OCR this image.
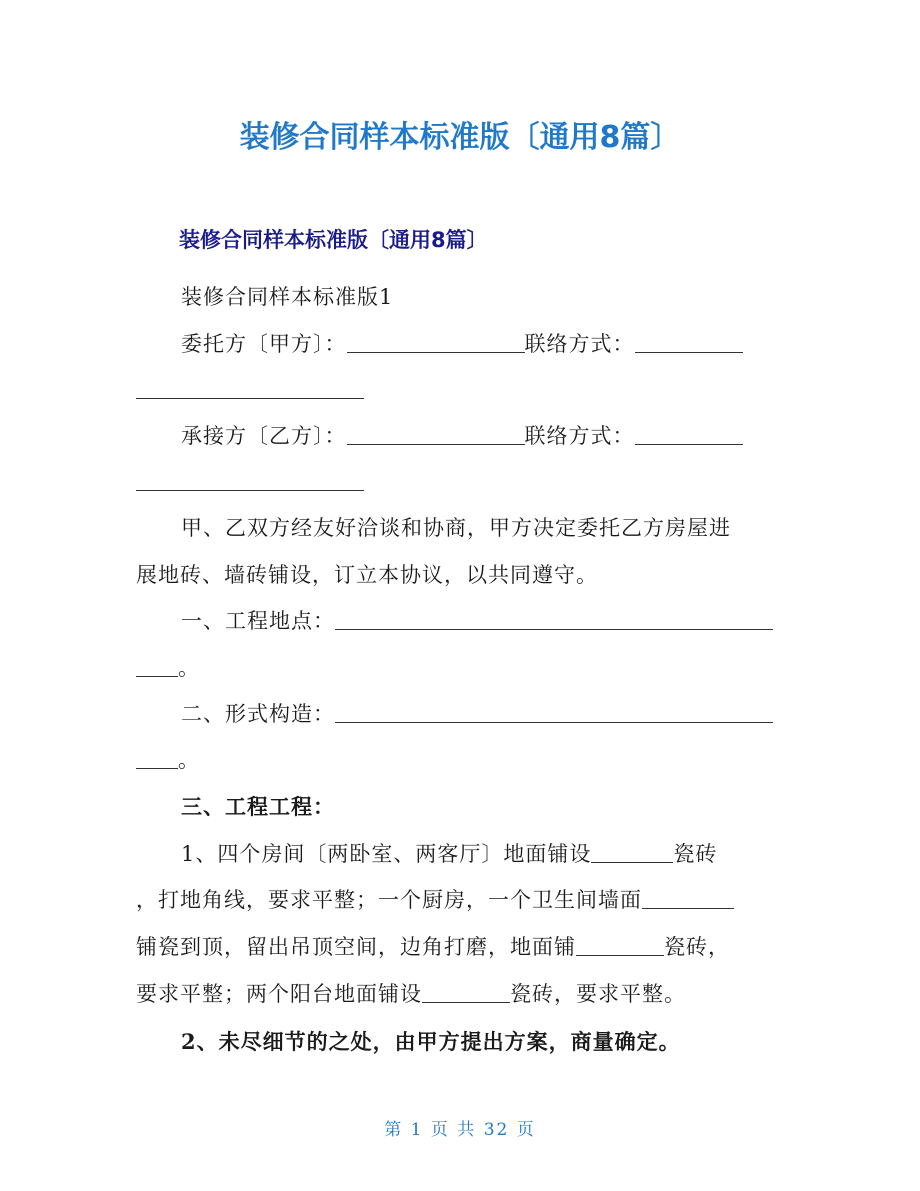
装修合同样本标准版〔通用8篇〕
装修合同样本标准版〔通用8篇〕
装修合同样本标准版1
委托方〔甲方〕：	联络方式：
承接方〔乙方〕：	联络方式：
甲、乙双方经友好洽谈和协商，甲方决定委托乙方房屋进
展地砖、墙砖铺设，订立本协议，以共同遵守。
一、工程地点：
。
二、形式构造：
。
三、工程工程：
1、四个房间〔两卧室、两客厅〕地面铺设	瓷砖
，打地角线，要求平整；一个厨房，一个卫生间墙面
铺瓷到顶，留出吊顶空间，边角打磨，地面铺	瓷砖，
要求平整；两个阳台地面铺设	瓷砖，要求平整。
2、未尽细节的之处，由甲方提出方案，商量确定。
第 1 页 共 32 页
